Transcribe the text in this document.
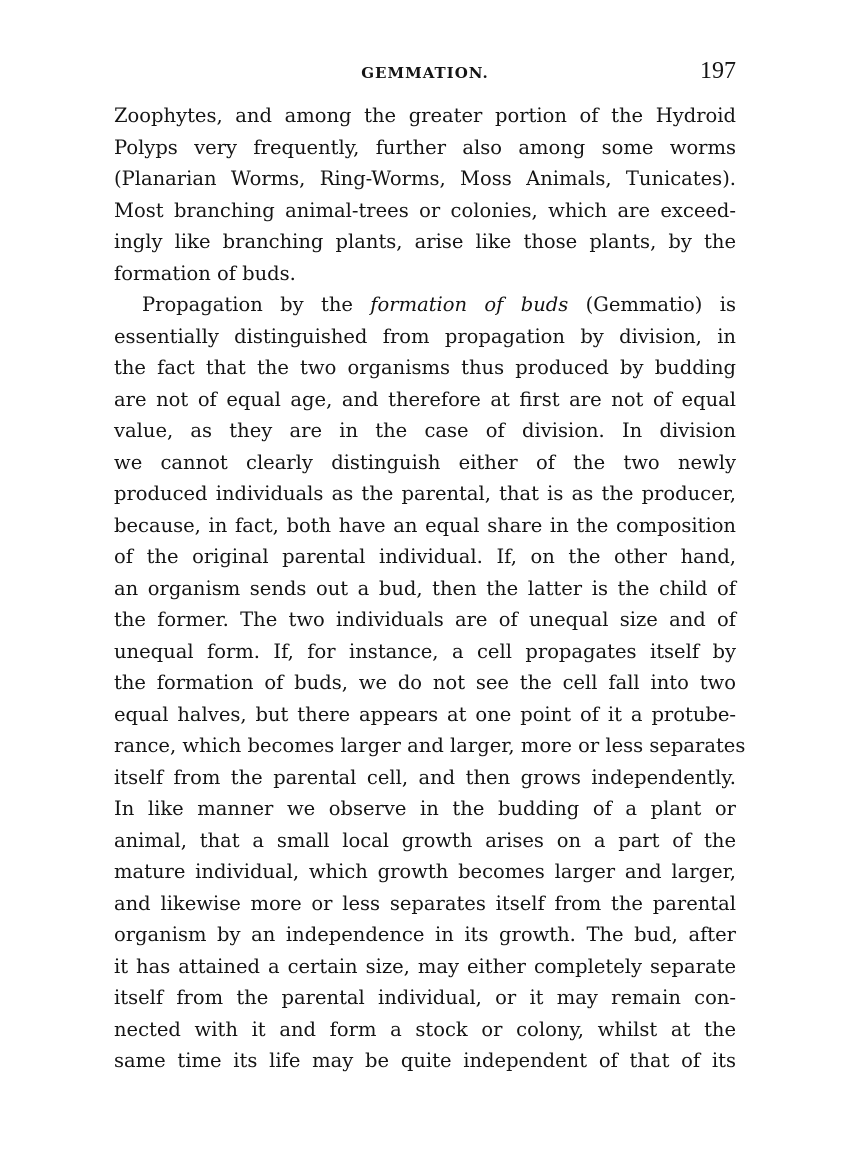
GEMMATION.	197
Zoophytes, and among the greater portion of the Hydroid
Polyps very frequently, further also among some worms
(Planarian Worms, Ring-Worms, Moss Animals, Tunicates).
Most branching animal-trees or colonies, which are exceed-
ingly like branching plants, arise like those plants, by the
formation of buds.
Propagation by the formation of buds (Gemmatio) is
essentially distinguished from propagation by division, in
the fact that the two organisms thus produced by budding
are not of equal age, and therefore at first are not of equal
value, as they are in the case of division. In division
we cannot clearly distinguish either of the two newly
produced individuals as the parental, that is as the producer,
because, in fact, both have an equal share in the composition
of the original parental individual. If, on the other hand,
an organism sends out a bud, then the latter is the child of
the former. The two individuals are of unequal size and of
unequal form. If, for instance, a cell propagates itself by
the formation of buds, we do not see the cell fall into two
equal halves, but there appears at one point of it a protube-
rance, which becomes larger and larger, more or less separates
itself from the parental cell, and then grows independently.
In like manner we observe in the budding of a plant or
animal, that a small local growth arises on a part of the
mature individual, which growth becomes larger and larger,
and likewise more or less separates itself from the parental
organism by an independence in its growth. The bud, after
it has attained a certain size, may either completely separate
itself from the parental individual, or it may remain con-
nected with it and form a stock or colony, whilst at the
same time its life may be quite independent of that of its
